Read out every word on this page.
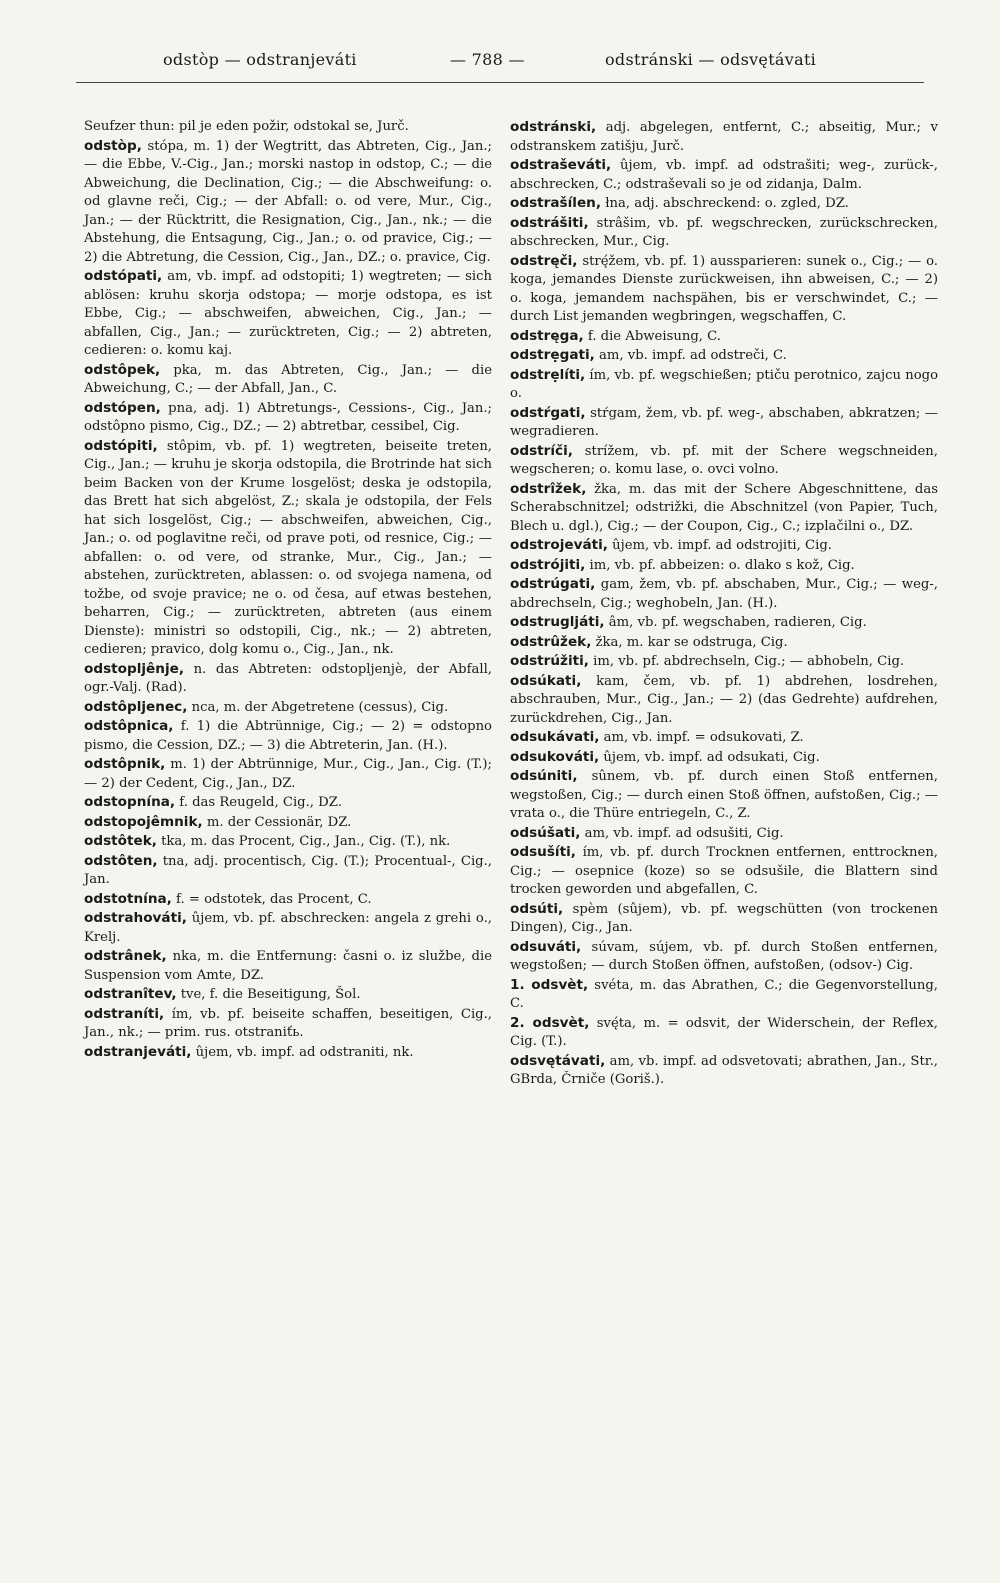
odstòp — odstranjeváti	— 788 —	odstránski — odsvętávati

Seufzer thun: pil je eden požir, odstokal se, Jurč.

odstòp, stópa, m. 1) der Wegtritt, das Abtreten, Cig., Jan.; — die Ebbe, V.-Cig., Jan.; morski nastop in odstop, C.; — die Abweichung, die Declination, Cig.; — die Abschweifung: o. od glavne reči, Cig.; — der Abfall: o. od vere, Mur., Cig., Jan.; — der Rücktritt, die Resignation, Cig., Jan., nk.; — die Abstehung, die Entsagung, Cig., Jan.; o. od pravice, Cig.; — 2) die Abtretung, die Cession, Cig., Jan., DZ.; o. pravice, Cig.

odstópati, am, vb. impf. ad odstopiti; 1) wegtreten; — sich ablösen: kruhu skorja odstopa; — morje odstopa, es ist Ebbe, Cig.; — abschweifen, abweichen, Cig., Jan.; — abfallen, Cig., Jan.; — zurücktreten, Cig.; — 2) abtreten, cedieren: o. komu kaj.

odstôpek, pka, m. das Abtreten, Cig., Jan.; — die Abweichung, C.; — der Abfall, Jan., C.

odstópen, pna, adj. 1) Abtretungs-, Cessions-, Cig., Jan.; odstôpno pismo, Cig., DZ.; — 2) abtretbar, cessibel, Cig.

odstópiti, stôpim, vb. pf. 1) wegtreten, beiseite treten, Cig., Jan.; — kruhu je skorja odstopila, die Brotrinde hat sich beim Backen von der Krume losgelöst; deska je odstopila, das Brett hat sich abgelöst, Z.; skala je odstopila, der Fels hat sich losgelöst, Cig.; — abschweifen, abweichen, Cig., Jan.; o. od poglavitne reči, od prave poti, od resnice, Cig.; — abfallen: o. od vere, od stranke, Mur., Cig., Jan.; — abstehen, zurücktreten, ablassen: o. od svojega namena, od tožbe, od svoje pravice; ne o. od česa, auf etwas bestehen, beharren, Cig.; — zurücktreten, abtreten (aus einem Dienste): ministri so odstopili, Cig., nk.; — 2) abtreten, cedieren; pravico, dolg komu o., Cig., Jan., nk.

odstopljênje, n. das Abtreten: odstopljenjè, der Abfall, ogr.-Valj. (Rad).

odstôpljenec, nca, m. der Abgetretene (cessus), Cig.

odstôpnica, f. 1) die Abtrünnige, Cig.; — 2) = odstopno pismo, die Cession, DZ.; — 3) die Abtreterin, Jan. (H.).

odstôpnik, m. 1) der Abtrünnige, Mur., Cig., Jan., Cig. (T.); — 2) der Cedent, Cig., Jan., DZ.

odstopnína, f. das Reugeld, Cig., DZ.

odstopojêmnik, m. der Cessionär, DZ.

odstôtek, tka, m. das Procent, Cig., Jan., Cig. (T.), nk.

odstôten, tna, adj. procentisch, Cig. (T.); Procentual-, Cig., Jan.

odstotnína, f. = odstotek, das Procent, C.

odstrahováti, ûjem, vb. pf. abschrecken: angela z grehi o., Krelj.

odstrânek, nka, m. die Entfernung: časni o. iz službe, die Suspension vom Amte, DZ.

odstranîtev, tve, f. die Beseitigung, Šol.

odstraníti, ím, vb. pf. beiseite schaffen, beseitigen, Cig., Jan., nk.; — prim. rus. otstraniťь.

odstranjeváti, ûjem, vb. impf. ad odstraniti, nk.

odstránski, adj. abgelegen, entfernt, C.; abseitig, Mur.; v odstranskem zatišju, Jurč.

odstraševáti, ûjem, vb. impf. ad odstrašiti; weg-, zurück-, abschrecken, C.; odstraševali so je od zidanja, Dalm.

odstrašílen, łna, adj. abschreckend: o. zgled, DZ.

odstrášiti, strâšim, vb. pf. wegschrecken, zurückschrecken, abschrecken, Mur., Cig.

odstręči, strę́žem, vb. pf. 1) aussparieren: sunek o., Cig.; — o. koga, jemandes Dienste zurückweisen, ihn abweisen, C.; — 2) o. koga, jemandem nachspähen, bis er verschwindet, C.; — durch List jemanden wegbringen, wegschaffen, C.

odstręga, f. die Abweisung, C.

odstrẹgati, am, vb. impf. ad odstreči, C.

odstrẹlíti, ím, vb. pf. wegschießen; ptiču perotnico, zajcu nogo o.

odstŕgati, stŕgam, žem, vb. pf. weg-, abschaben, abkratzen; — wegradieren.

odstríči, strížem, vb. pf. mit der Schere wegschneiden, wegscheren; o. komu lase, o. ovci volno.

odstrîžek, žka, m. das mit der Schere Abgeschnittene, das Scherabschnitzel; odstrižki, die Abschnitzel (von Papier, Tuch, Blech u. dgl.), Cig.; — der Coupon, Cig., C.; izplačilni o., DZ.

odstrojeváti, ûjem, vb. impf. ad odstrojiti, Cig.

odstrójiti, im, vb. pf. abbeizen: o. dlako s kož, Cig.

odstrúgati, gam, žem, vb. pf. abschaben, Mur., Cig.; — weg-, abdrechseln, Cig.; weghobeln, Jan. (H.).

odstrugljáti, âm, vb. pf. wegschaben, radieren, Cig.

odstrûžek, žka, m. kar se odstruga, Cig.

odstrúžiti, im, vb. pf. abdrechseln, Cig.; — abhobeln, Cig.

odsúkati, kam, čem, vb. pf. 1) abdrehen, losdrehen, abschrauben, Mur., Cig., Jan.; — 2) (das Gedrehte) aufdrehen, zurückdrehen, Cig., Jan.

odsukávati, am, vb. impf. = odsukovati, Z.

odsukováti, ûjem, vb. impf. ad odsukati, Cig.

odsúniti, sûnem, vb. pf. durch einen Stoß entfernen, wegstoßen, Cig.; — durch einen Stoß öffnen, aufstoßen, Cig.; — vrata o., die Thüre entriegeln, C., Z.

odsúšati, am, vb. impf. ad odsušiti, Cig.

odsušíti, ím, vb. pf. durch Trocknen entfernen, enttrocknen, Cig.; — osepnice (koze) so se odsušile, die Blattern sind trocken geworden und abgefallen, C.

odsúti, spèm (sûjem), vb. pf. wegschütten (von trockenen Dingen), Cig., Jan.

odsuváti, súvam, sújem, vb. pf. durch Stoßen entfernen, wegstoßen; — durch Stoßen öffnen, aufstoßen, (odsov-) Cig.

1. odsvèt, svéta, m. das Abrathen, C.; die Gegenvorstellung, C.

2. odsvèt, svę́ta, m. = odsvit, der Widerschein, der Reflex, Cig. (T.).

odsvętávati, am, vb. impf. ad odsvetovati; abrathen, Jan., Str., GBrda, Črniče (Goriš.).
